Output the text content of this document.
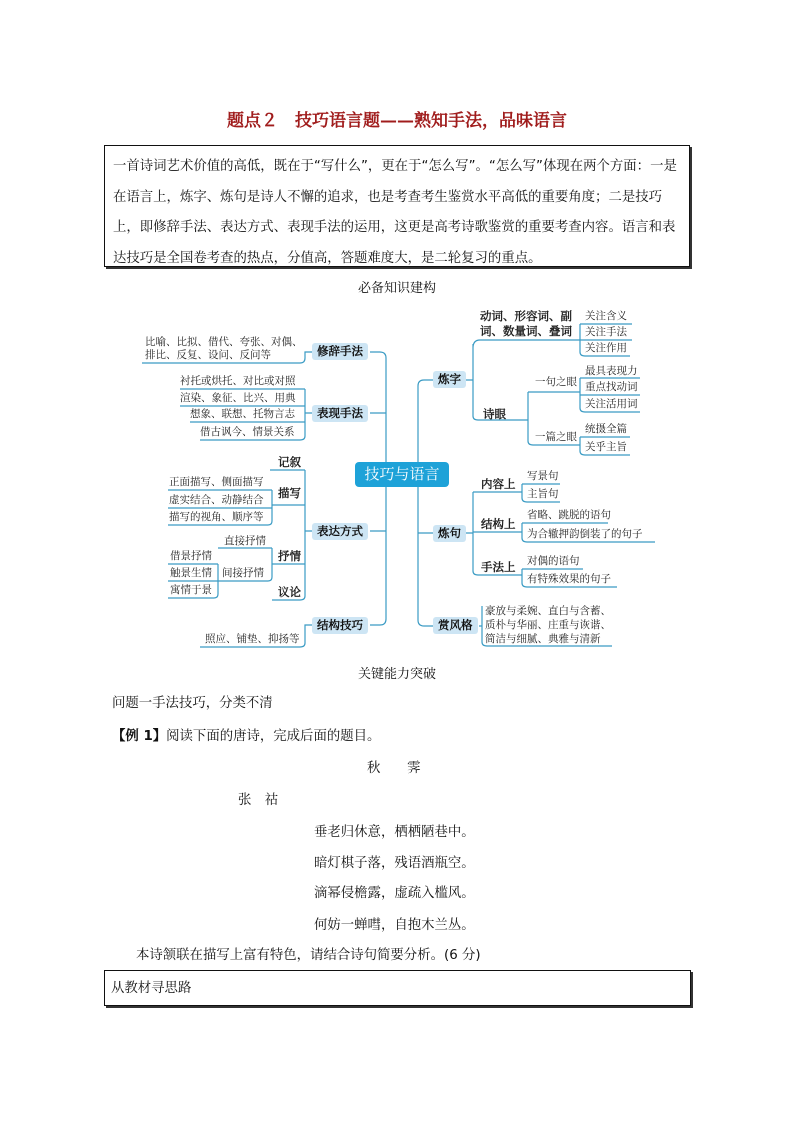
题点２　技巧语言题——熟知手法，品味语言
一首诗词艺术价值的高低，既在于“写什么”，更在于“怎么写”。“怎么写”体现在两个方面：一是在语言上，炼字、炼句是诗人不懈的追求，也是考查考生鉴赏水平高低的重要角度；二是技巧上，即修辞手法、表达方式、表现手法的运用，这更是高考诗歌鉴赏的重要考查内容。语言和表达技巧是全国卷考查的热点，分值高，答题难度大，是二轮复习的重点。
必备知识建构
技巧与语言
修辞手法
比喻、比拟、借代、夸张、对偶、
排比、反复、设问、反问等
表现手法
衬托或烘托、对比或对照
渲染、象征、比兴、用典
想象、联想、托物言志
借古讽今、情景关系
表达方式
记叙
描写
正面描写、侧面描写
虚实结合、动静结合
描写的视角、顺序等
抒情
直接抒情
间接抒情
借景抒情
触景生情
寓情于景	议论
结构技巧
照应、铺垫、抑扬等
炼字
动词、形容词、副
词、数量词、叠词
关注含义
关注手法
关注作用
诗眼
一句之眼
最具表现力
重点找动词
关注活用词
一篇之眼
统摄全篇
关乎主旨
炼句
内容上
写景句
主旨句
结构上
省略、跳脱的语句
为合辙押韵倒装了的句子
手法上 对偶的语句
有特殊效果的句子
赏风格
豪放与柔婉、直白与含蓄、
质朴与华丽、庄重与诙谐、
简洁与细腻、典雅与清新
关键能力突破
问题一手法技巧，分类不清
【例 1】阅读下面的唐诗，完成后面的题目。
秋　　霁
张　祜
垂老归休意，栖栖陋巷中。
暗灯棋子落，残语酒瓶空。
滴幂侵檐露，虚疏入槛风。
何妨一蝉嘒，自抱木兰丛。
本诗颔联在描写上富有特色，请结合诗句简要分析。(6 分)
从教材寻思路
